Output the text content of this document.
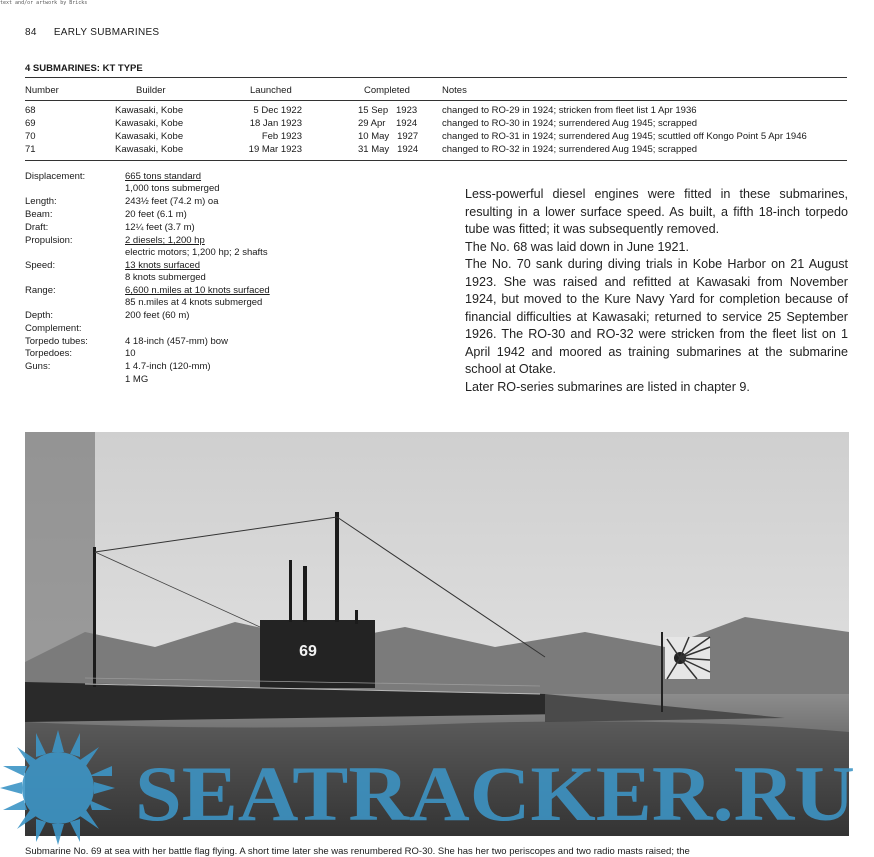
text and/or artwork by Bricks
84 EARLY SUBMARINES
4 SUBMARINES: KT TYPE
Number	Builder	Launched	Completed	Notes
68	Kawasaki, Kobe	5 Dec 1922	15 Sep   1923	changed to RO-29 in 1924; stricken from fleet list 1 Apr 1936
69	Kawasaki, Kobe	18 Jan 1923	29 Apr    1924	changed to RO-30 in 1924; surrendered Aug 1945; scrapped
70	Kawasaki, Kobe	Feb 1923	10 May   1927	changed to RO-31 in 1924; surrendered Aug 1945; scuttled off Kongo Point 5 Apr 1946
71	Kawasaki, Kobe	19 Mar 1923	31 May   1924	changed to RO-32 in 1924; surrendered Aug 1945; scrapped
Displacement:	665 tons standard
1,000 tons submerged
Length:	243½ feet (74.2 m) oa
Beam:	20 feet (6.1 m)
Draft:	12¼ feet (3.7 m)
Propulsion:	2 diesels; 1,200 hp
electric motors; 1,200 hp; 2 shafts
Speed:	13 knots surfaced
8 knots submerged
Range:	6,600 n.miles at 10 knots surfaced
85 n.miles at 4 knots submerged
Depth:	200 feet (60 m)
Complement:
Torpedo tubes:	4 18-inch (457-mm) bow
Torpedoes:	10
Guns:	1 4.7-inch (120-mm)
1 MG

Less-powerful diesel engines were fitted in these submarines, resulting in a lower surface speed. As built, a fifth 18-inch torpedo tube was fitted; it was subsequently removed.

The No. 68 was laid down in June 1921.

The No. 70 sank during diving trials in Kobe Harbor on 21 August 1923. She was raised and refitted at Kawasaki from November 1924, but moved to the Kure Navy Yard for completion because of financial difficulties at Kawasaki; returned to service 25 September 1926. The RO-30 and RO-32 were stricken from the fleet list on 1 April 1942 and moored as training submarines at the submarine school at Otake.

Later RO-series submarines are listed in chapter 9.

69
SEATRACKER.RU
Submarine No. 69 at sea with her battle flag flying. A short time later she was renumbered RO-30. She has her two periscopes and two radio masts raised; the
